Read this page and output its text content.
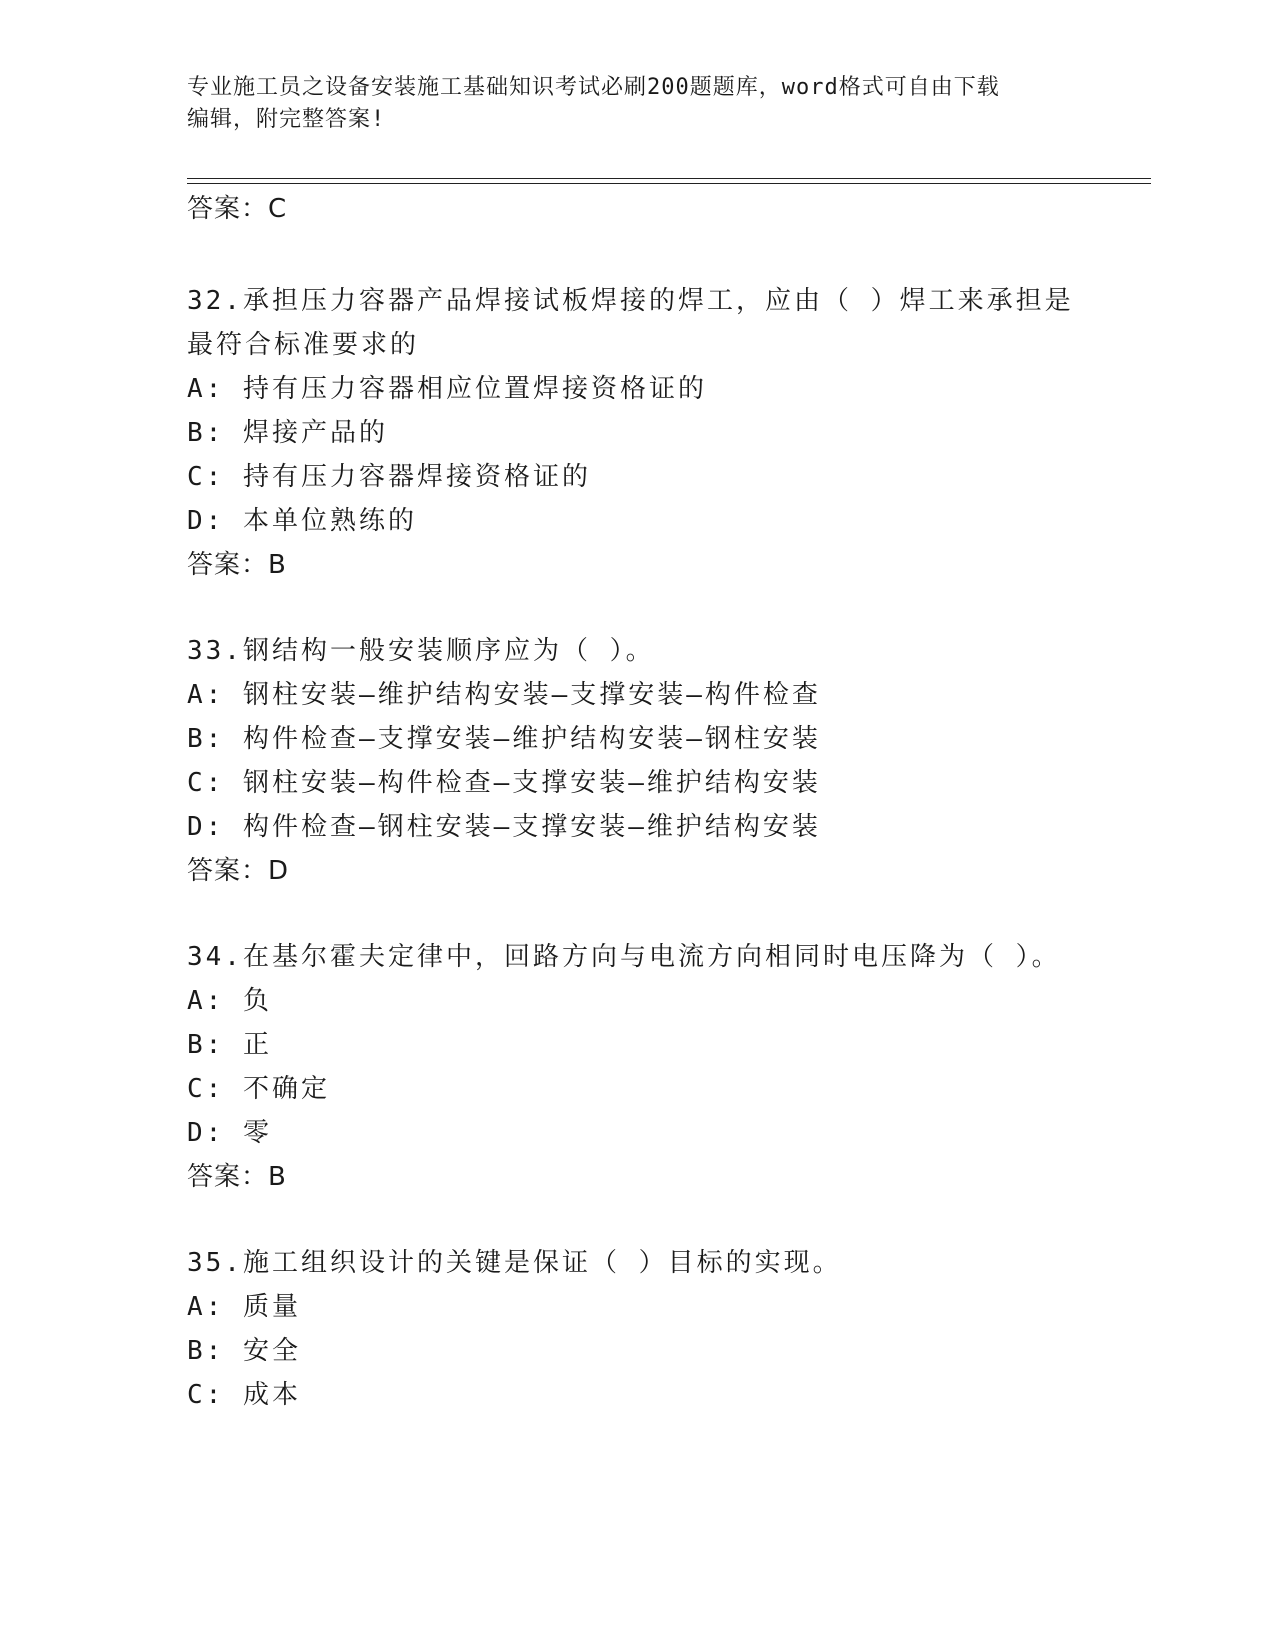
专业施工员之设备安装施工基础知识考试必刷200题题库，word格式可自由下载
编辑，附完整答案!
答案：C
32.承担压力容器产品焊接试板焊接的焊工，应由（ ）焊工来承担是
最符合标准要求的
A: 持有压力容器相应位置焊接资格证的
B: 焊接产品的
C: 持有压力容器焊接资格证的
D: 本单位熟练的
答案：B
33.钢结构一般安装顺序应为（ ）。
A: 钢柱安装—维护结构安装—支撑安装—构件检查
B: 构件检查—支撑安装—维护结构安装—钢柱安装
C: 钢柱安装—构件检查—支撑安装—维护结构安装
D: 构件检查—钢柱安装—支撑安装—维护结构安装
答案：D
34.在基尔霍夫定律中，回路方向与电流方向相同时电压降为（ ）。
A: 负
B: 正
C: 不确定
D: 零
答案：B
35.施工组织设计的关键是保证（ ）目标的实现。
A: 质量
B: 安全
C: 成本
